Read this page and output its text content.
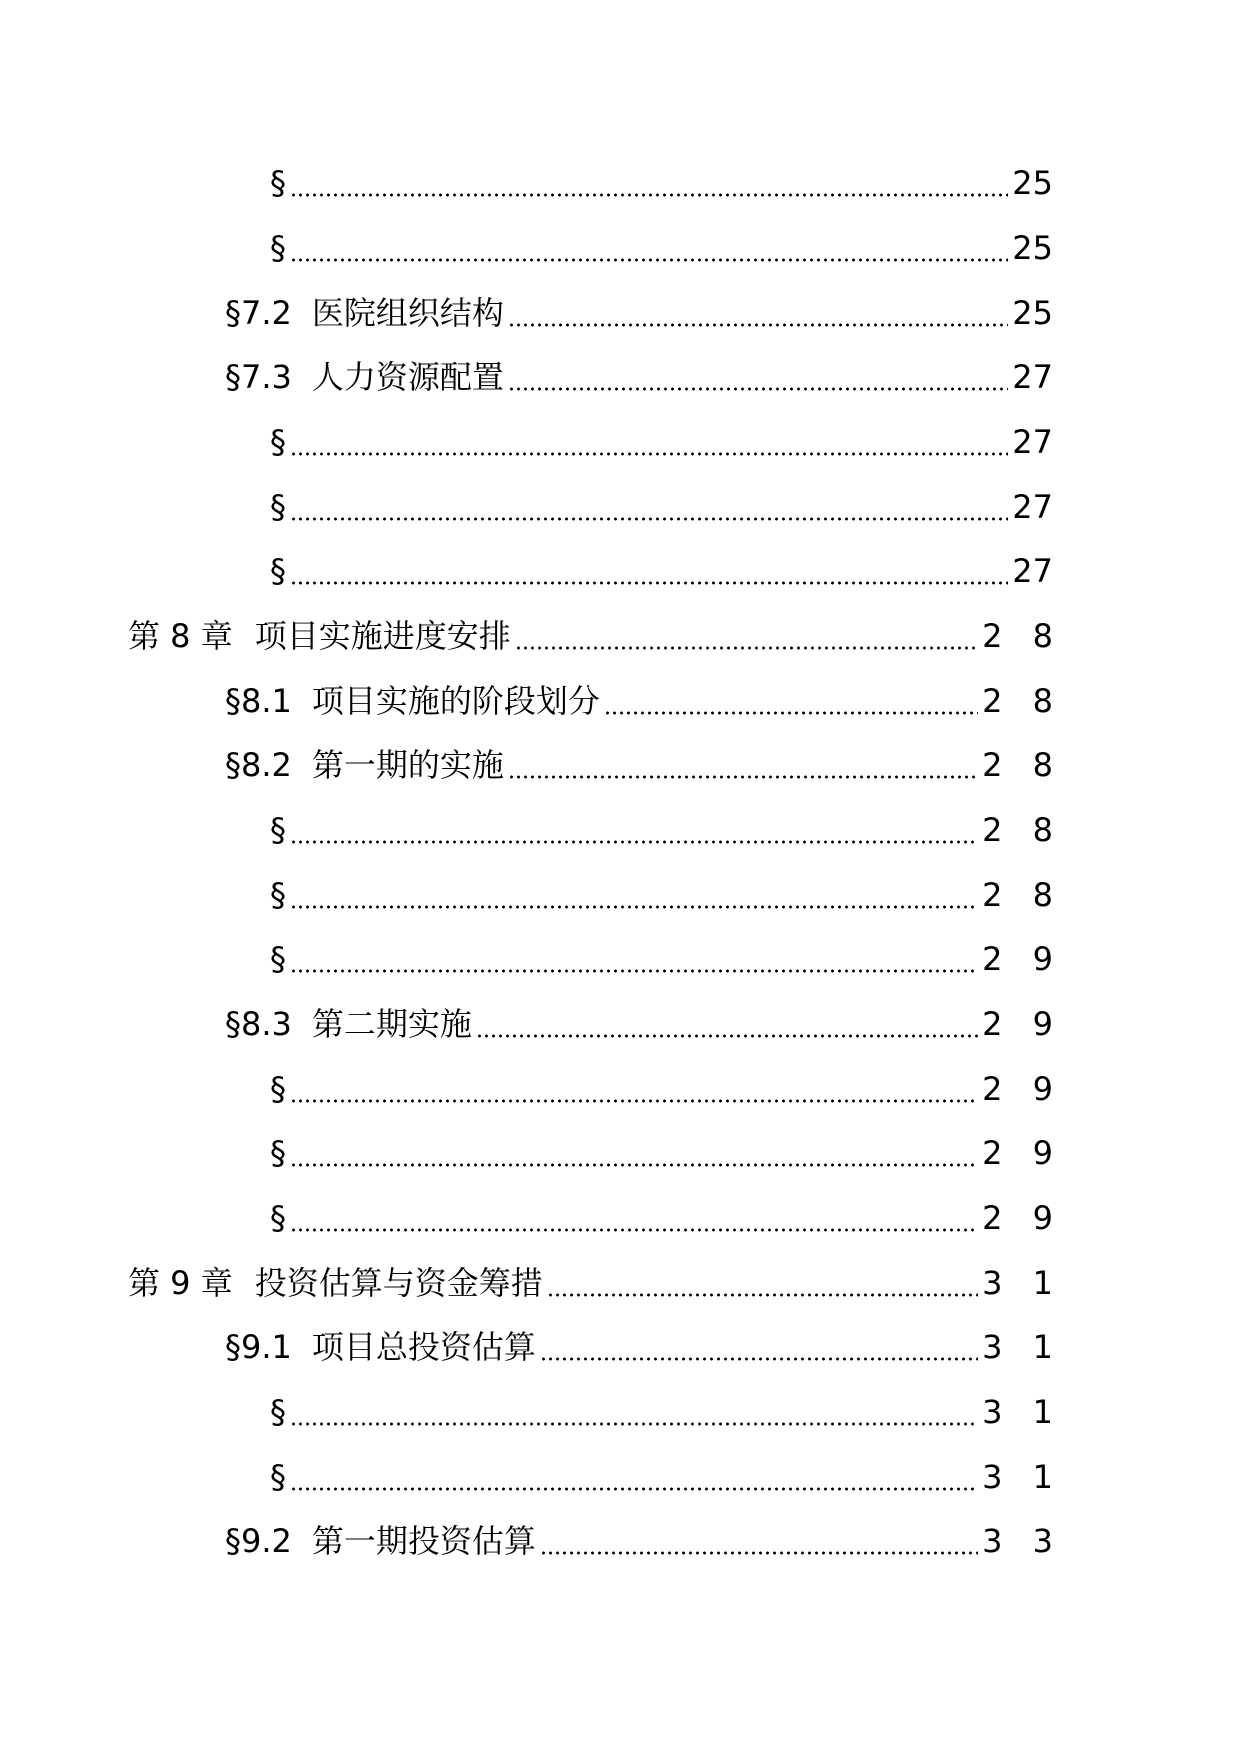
§	25
§	25
§7.2 医院组织结构	25
§7.3 人力资源配置	27
§	27
§	27
§	27
第 8 章 项目实施进度安排	2 8
§8.1 项目实施的阶段划分	2 8
§8.2 第一期的实施	2 8
§	2 8
§	2 8
§	2 9
§8.3 第二期实施	2 9
§	2 9
§	2 9
§	2 9
第 9 章 投资估算与资金筹措	3 1
§9.1 项目总投资估算	3 1
§	3 1
§	3 1
§9.2 第一期投资估算	3 3
